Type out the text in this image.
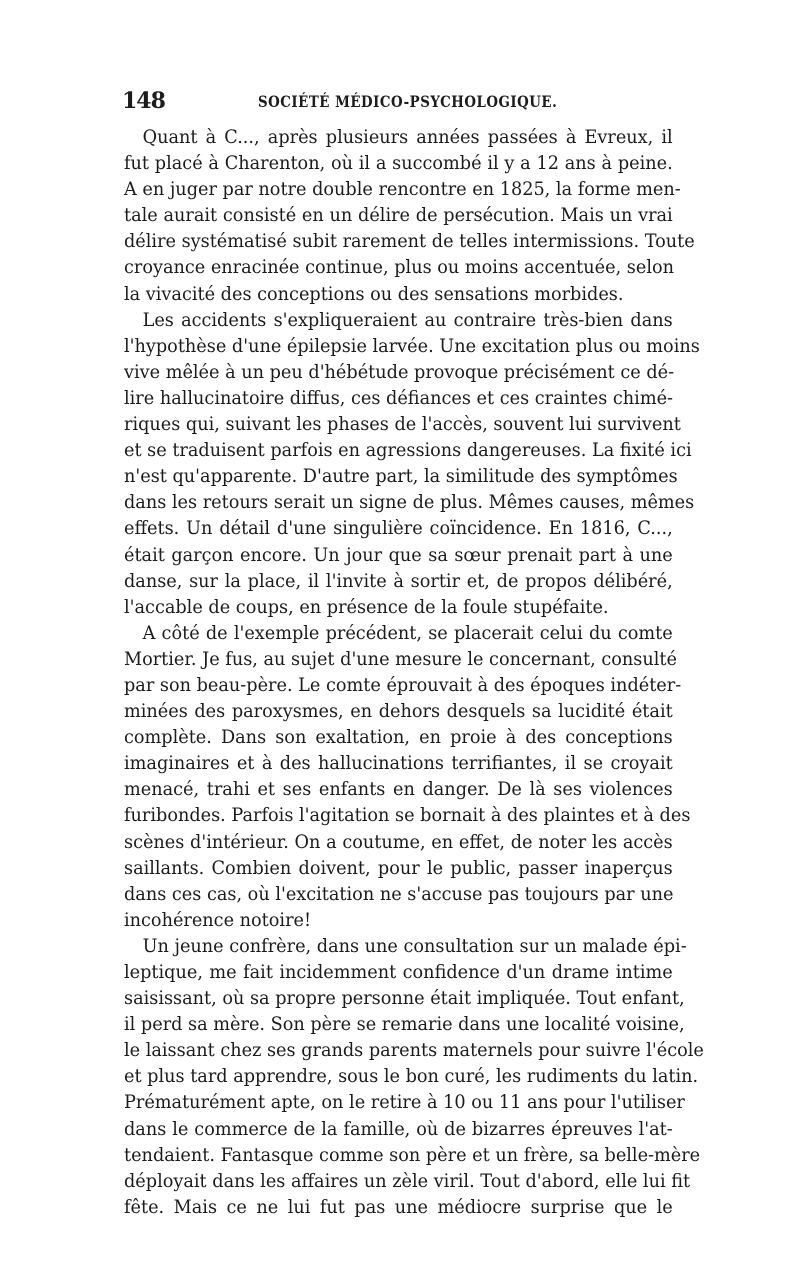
148	SOCIÉTÉ MÉDICO-PSYCHOLOGIQUE.
Quant à C..., après plusieurs années passées à Evreux, il
fut placé à Charenton, où il a succombé il y a 12 ans à peine.
A en juger par notre double rencontre en 1825, la forme men-
tale aurait consisté en un délire de persécution. Mais un vrai
délire systématisé subit rarement de telles intermissions. Toute
croyance enracinée continue, plus ou moins accentuée, selon
la vivacité des conceptions ou des sensations morbides.
Les accidents s'expliqueraient au contraire très-bien dans
l'hypothèse d'une épilepsie larvée. Une excitation plus ou moins
vive mêlée à un peu d'hébétude provoque précisément ce dé-
lire hallucinatoire diffus, ces défiances et ces craintes chimé-
riques qui, suivant les phases de l'accès, souvent lui survivent
et se traduisent parfois en agressions dangereuses. La fixité ici
n'est qu'apparente. D'autre part, la similitude des symptômes
dans les retours serait un signe de plus. Mêmes causes, mêmes
effets. Un détail d'une singulière coïncidence. En 1816, C...,
était garçon encore. Un jour que sa sœur prenait part à une
danse, sur la place, il l'invite à sortir et, de propos délibéré,
l'accable de coups, en présence de la foule stupéfaite.
A côté de l'exemple précédent, se placerait celui du comte
Mortier. Je fus, au sujet d'une mesure le concernant, consulté
par son beau-père. Le comte éprouvait à des époques indéter-
minées des paroxysmes, en dehors desquels sa lucidité était
complète. Dans son exaltation, en proie à des conceptions
imaginaires et à des hallucinations terrifiantes, il se croyait
menacé, trahi et ses enfants en danger. De là ses violences
furibondes. Parfois l'agitation se bornait à des plaintes et à des
scènes d'intérieur. On a coutume, en effet, de noter les accès
saillants. Combien doivent, pour le public, passer inaperçus
dans ces cas, où l'excitation ne s'accuse pas toujours par une
incohérence notoire!
Un jeune confrère, dans une consultation sur un malade épi-
leptique, me fait incidemment confidence d'un drame intime
saisissant, où sa propre personne était impliquée. Tout enfant,
il perd sa mère. Son père se remarie dans une localité voisine,
le laissant chez ses grands parents maternels pour suivre l'école
et plus tard apprendre, sous le bon curé, les rudiments du latin.
Prématurément apte, on le retire à 10 ou 11 ans pour l'utiliser
dans le commerce de la famille, où de bizarres épreuves l'at-
tendaient. Fantasque comme son père et un frère, sa belle-mère
déployait dans les affaires un zèle viril. Tout d'abord, elle lui fit
fête. Mais ce ne lui fut pas une médiocre surprise que le
